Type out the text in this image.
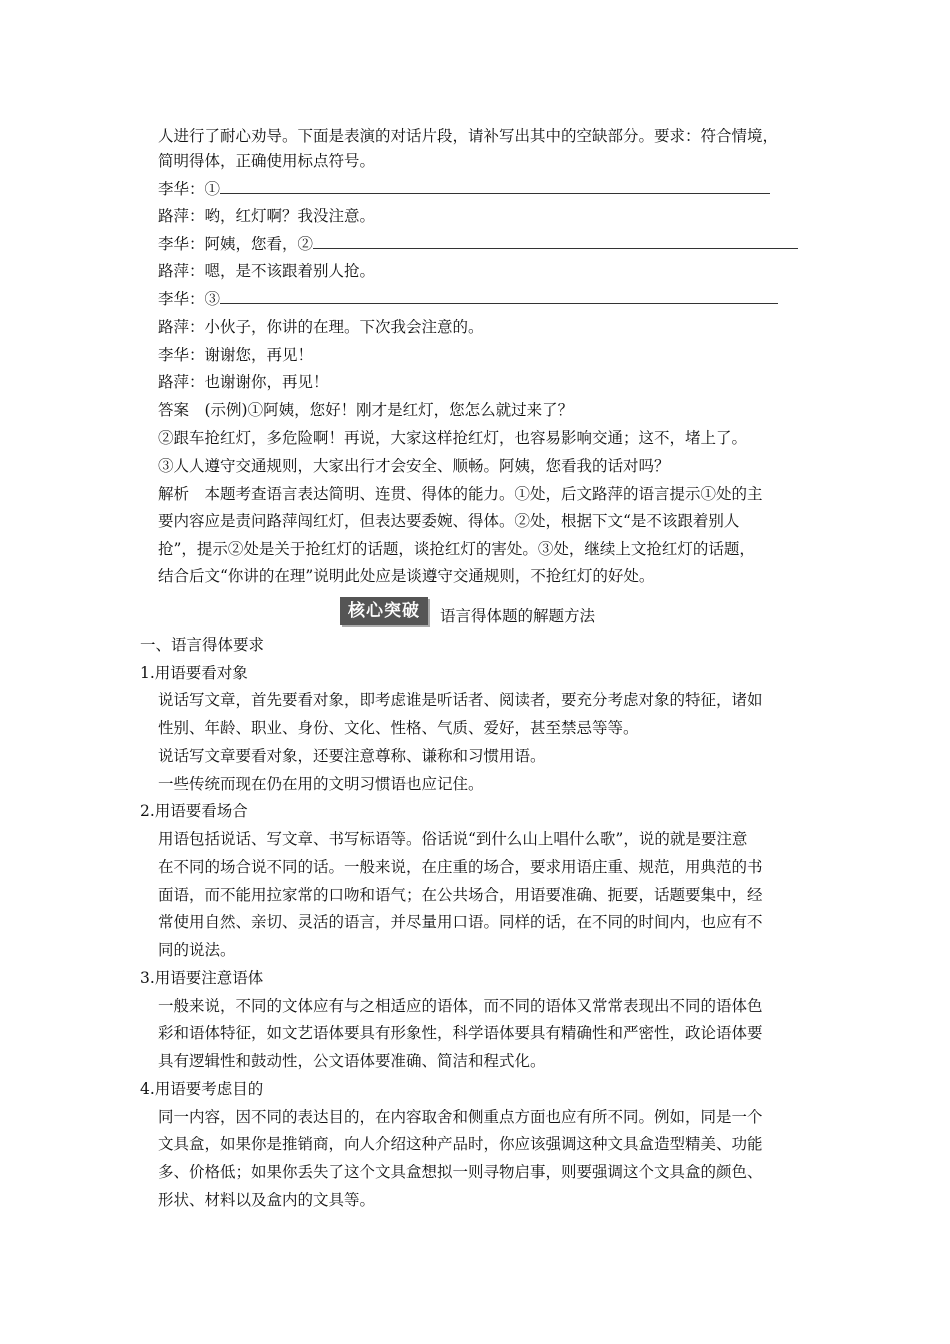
人进行了耐心劝导。下面是表演的对话片段，请补写出其中的空缺部分。要求：符合情境，
简明得体，正确使用标点符号。
李华：①
路萍：哟，红灯啊？我没注意。
李华：阿姨，您看，②
路萍：嗯，是不该跟着别人抢。
李华：③
路萍：小伙子，你讲的在理。下次我会注意的。
李华：谢谢您，再见！
路萍：也谢谢你，再见！
答案　(示例)①阿姨，您好！刚才是红灯，您怎么就过来了？
②跟车抢红灯，多危险啊！再说，大家这样抢红灯，也容易影响交通；这不，堵上了。
③人人遵守交通规则，大家出行才会安全、顺畅。阿姨，您看我的话对吗？
解析　本题考查语言表达简明、连贯、得体的能力。①处，后文路萍的语言提示①处的主
要内容应是责问路萍闯红灯，但表达要委婉、得体。②处，根据下文“是不该跟着别人
抢”，提示②处是关于抢红灯的话题，谈抢红灯的害处。③处，继续上文抢红灯的话题，
结合后文“你讲的在理”说明此处应是谈遵守交通规则，不抢红灯的好处。
核心突破	语言得体题的解题方法
一、语言得体要求
1.用语要看对象
说话写文章，首先要看对象，即考虑谁是听话者、阅读者，要充分考虑对象的特征，诸如
性别、年龄、职业、身份、文化、性格、气质、爱好，甚至禁忌等等。
说话写文章要看对象，还要注意尊称、谦称和习惯用语。
一些传统而现在仍在用的文明习惯语也应记住。
2.用语要看场合
用语包括说话、写文章、书写标语等。俗话说“到什么山上唱什么歌”，说的就是要注意
在不同的场合说不同的话。一般来说，在庄重的场合，要求用语庄重、规范，用典范的书
面语，而不能用拉家常的口吻和语气；在公共场合，用语要准确、扼要，话题要集中，经
常使用自然、亲切、灵活的语言，并尽量用口语。同样的话，在不同的时间内，也应有不
同的说法。
3.用语要注意语体
一般来说，不同的文体应有与之相适应的语体，而不同的语体又常常表现出不同的语体色
彩和语体特征，如文艺语体要具有形象性，科学语体要具有精确性和严密性，政论语体要
具有逻辑性和鼓动性，公文语体要准确、简洁和程式化。
4.用语要考虑目的
同一内容，因不同的表达目的，在内容取舍和侧重点方面也应有所不同。例如，同是一个
文具盒，如果你是推销商，向人介绍这种产品时，你应该强调这种文具盒造型精美、功能
多、价格低；如果你丢失了这个文具盒想拟一则寻物启事，则要强调这个文具盒的颜色、
形状、材料以及盒内的文具等。
